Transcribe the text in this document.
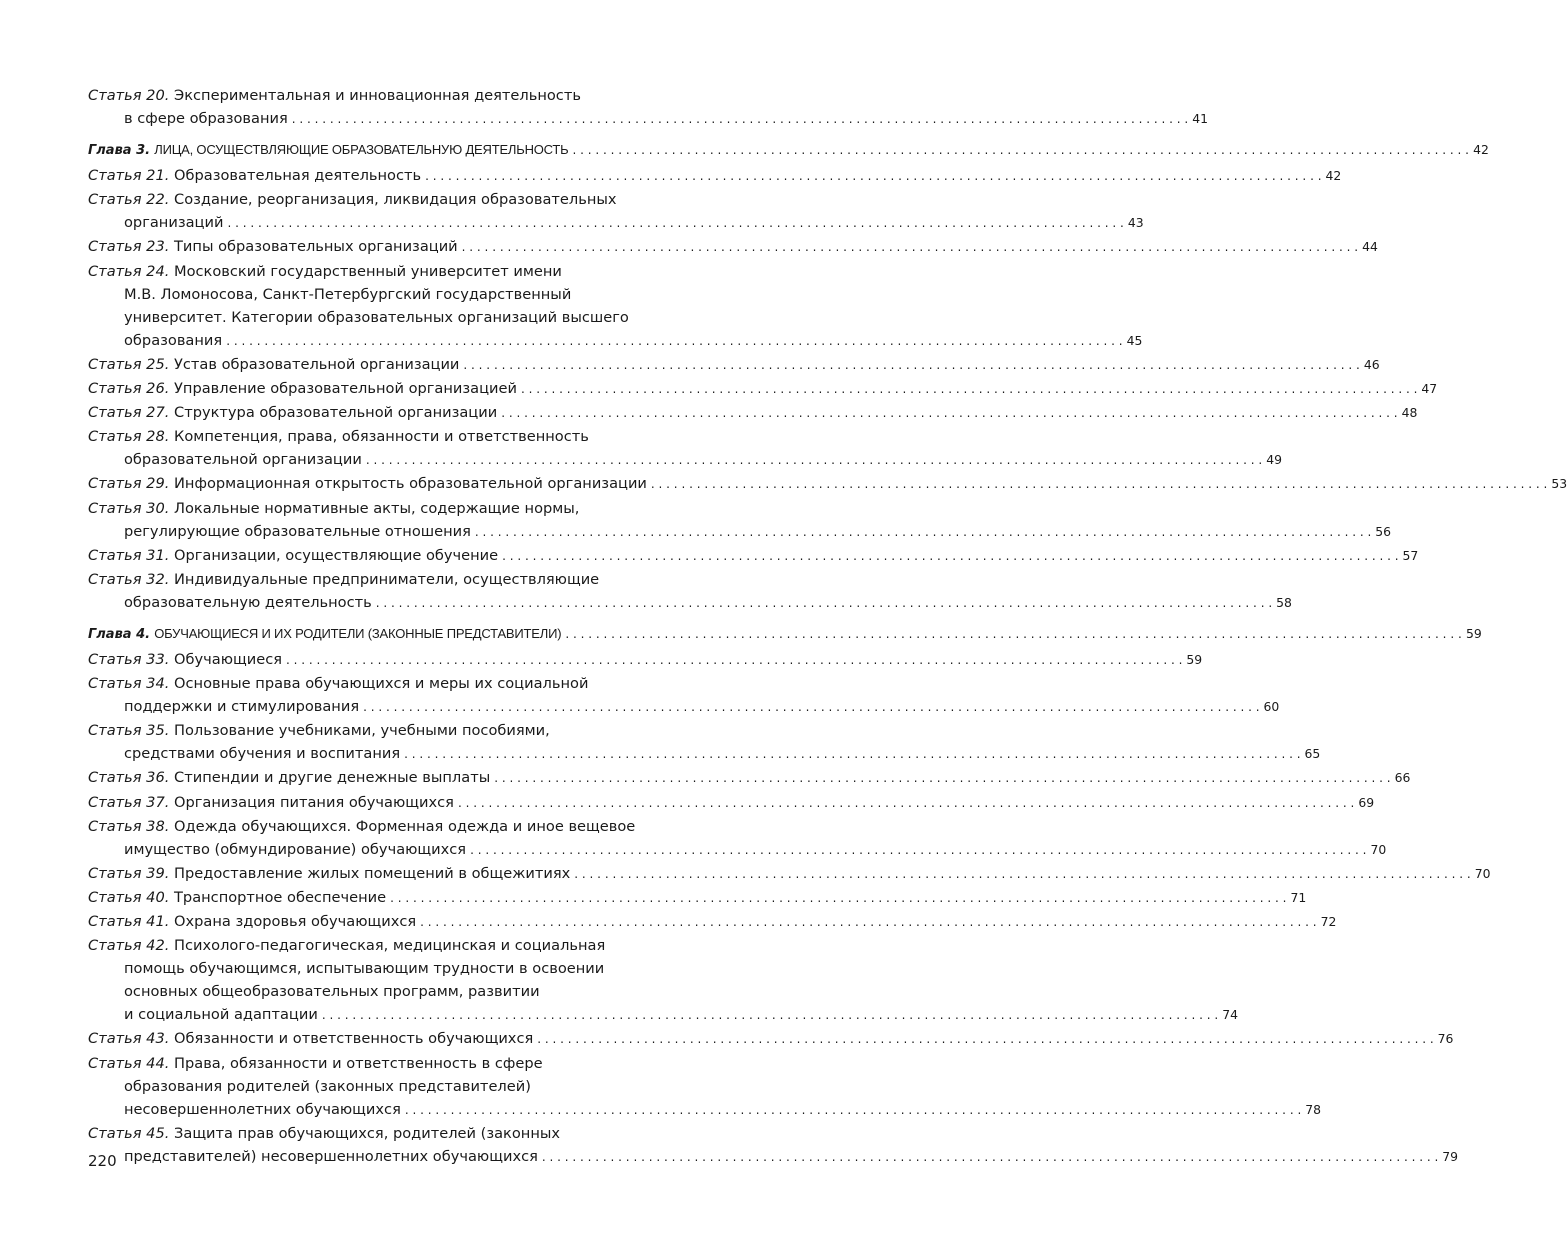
Статья 20. Экспериментальная и инновационная деятельность
в сфере образования . . .	41
Глава 3. ЛИЦА, ОСУЩЕСТВЛЯЮЩИЕ ОБРАЗОВАТЕЛЬНУЮ ДЕЯТЕЛЬНОСТЬ . . .	42
Статья 21. Образовательная деятельность . . .	42
Статья 22. Создание, реорганизация, ликвидация образовательных
организаций . . .	43
Статья 23. Типы образовательных организаций . . .	44
Статья 24. Московский государственный университет имени
М.В. Ломоносова, Санкт-Петербургский государственный
университет. Категории образовательных организаций высшего
образования . . .	45
Статья 25. Устав образовательной организации . . .	46
Статья 26. Управление образовательной организацией . . .	47
Статья 27. Структура образовательной организации . . .	48
Статья 28. Компетенция, права, обязанности и ответственность
образовательной организации . . .	49
Статья 29. Информационная открытость образовательной организации . . .	53
Статья 30. Локальные нормативные акты, содержащие нормы,
регулирующие образовательные отношения . . .	56
Статья 31. Организации, осуществляющие обучение . . .	57
Статья 32. Индивидуальные предприниматели, осуществляющие
образовательную деятельность . . .	58
Глава 4. ОБУЧАЮЩИЕСЯ И ИХ РОДИТЕЛИ (ЗАКОННЫЕ ПРЕДСТАВИТЕЛИ) . . .	59
Статья 33. Обучающиеся . . .	59
Статья 34. Основные права обучающихся и меры их социальной
поддержки и стимулирования . . .	60
Статья 35. Пользование учебниками, учебными пособиями,
средствами обучения и воспитания . . .	65
Статья 36. Стипендии и другие денежные выплаты . . .	66
Статья 37. Организация питания обучающихся . . .	69
Статья 38. Одежда обучающихся. Форменная одежда и иное вещевое
имущество (обмундирование) обучающихся . . .	70
Статья 39. Предоставление жилых помещений в общежитиях . . .	70
Статья 40. Транспортное обеспечение . . .	71
Статья 41. Охрана здоровья обучающихся . . .	72
Статья 42. Психолого-педагогическая, медицинская и социальная
помощь обучающимся, испытывающим трудности в освоении
основных общеобразовательных программ, развитии
и социальной адаптации . . .	74
Статья 43. Обязанности и ответственность обучающихся . . .	76
Статья 44. Права, обязанности и ответственность в сфере
образования родителей (законных представителей)
несовершеннолетних обучающихся . . .	78
Статья 45. Защита прав обучающихся, родителей (законных
представителей) несовершеннолетних обучающихся . . .	79
220
